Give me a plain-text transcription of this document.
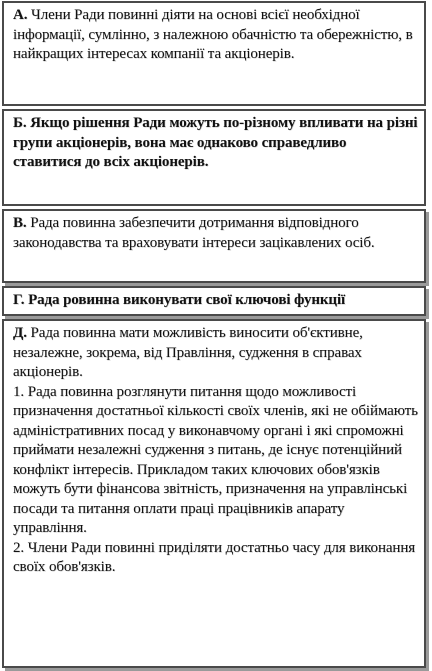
А. Члени Ради повинні діяти на основі всієї необхідної інформації, сумлінно, з належною обачністю та обережністю, в найкращих інтересах компанії та акціонерів.
Б. Якщо рішення Ради можуть по-різному впливати на різні групи акціонерів, вона має однаково справедливо ставитися до всіх акціонерів.
В. Рада повинна забезпечити дотримання відповідного законодавства та враховувати інтереси зацікавлених осіб.
Г. Рада ровинна виконувати свої ключові функції
Д. Рада повинна мати можливість виносити об'єктивне, незалежне, зокрема, від Правління, судження в справах акціонерів.
1. Рада повинна розглянути питання щодо можливості призначення достатньої кількості своїх членів, які не обіймають адміністративних посад у виконавчому органі і які спроможні приймати незалежні судження з питань, де існує потенційний конфлікт інтересів. Прикладом таких ключових обов'язків можуть бути фінансова звітність, призначення на управлінські посади та питання оплати праці працівників апарату управління.
2. Члени Ради повинні приділяти достатньо часу для виконання своїх обов'язків.
